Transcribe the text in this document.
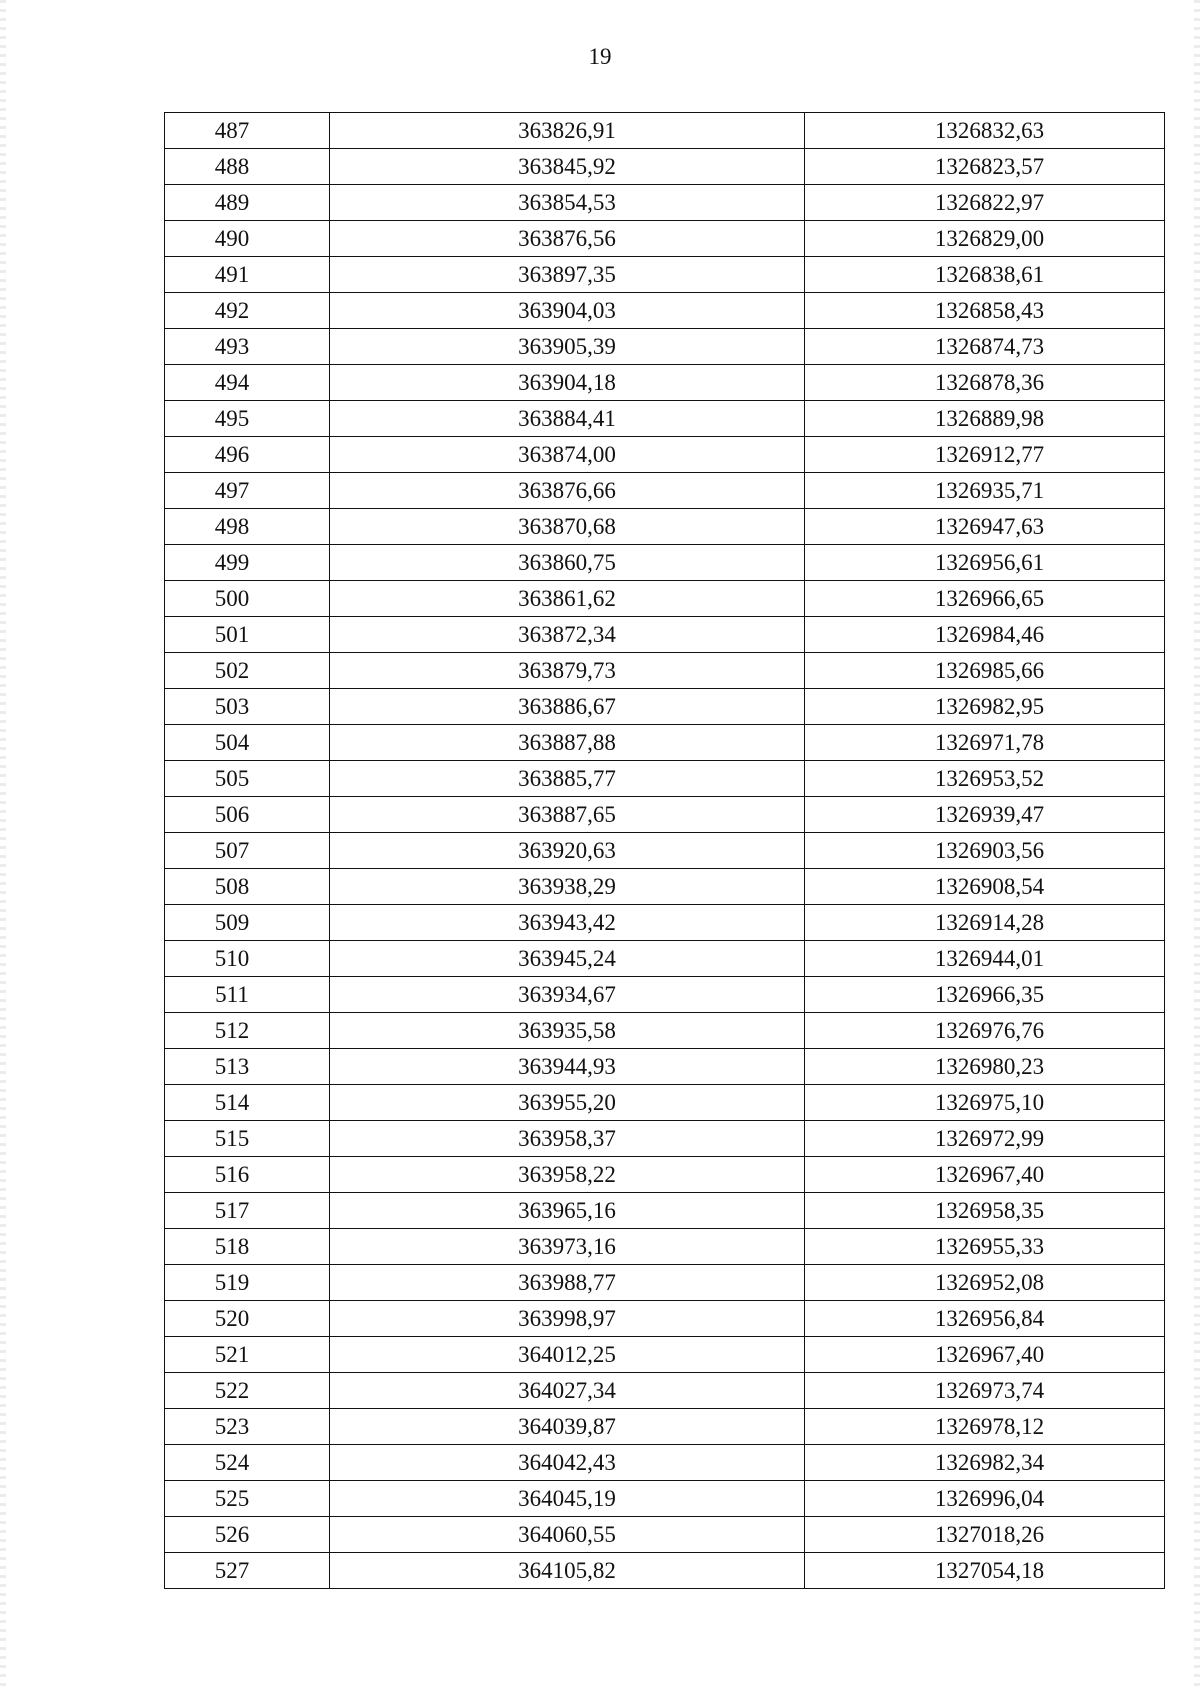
19
487	363826,91	1326832,63
488	363845,92	1326823,57
489	363854,53	1326822,97
490	363876,56	1326829,00
491	363897,35	1326838,61
492	363904,03	1326858,43
493	363905,39	1326874,73
494	363904,18	1326878,36
495	363884,41	1326889,98
496	363874,00	1326912,77
497	363876,66	1326935,71
498	363870,68	1326947,63
499	363860,75	1326956,61
500	363861,62	1326966,65
501	363872,34	1326984,46
502	363879,73	1326985,66
503	363886,67	1326982,95
504	363887,88	1326971,78
505	363885,77	1326953,52
506	363887,65	1326939,47
507	363920,63	1326903,56
508	363938,29	1326908,54
509	363943,42	1326914,28
510	363945,24	1326944,01
511	363934,67	1326966,35
512	363935,58	1326976,76
513	363944,93	1326980,23
514	363955,20	1326975,10
515	363958,37	1326972,99
516	363958,22	1326967,40
517	363965,16	1326958,35
518	363973,16	1326955,33
519	363988,77	1326952,08
520	363998,97	1326956,84
521	364012,25	1326967,40
522	364027,34	1326973,74
523	364039,87	1326978,12
524	364042,43	1326982,34
525	364045,19	1326996,04
526	364060,55	1327018,26
527	364105,82	1327054,18
